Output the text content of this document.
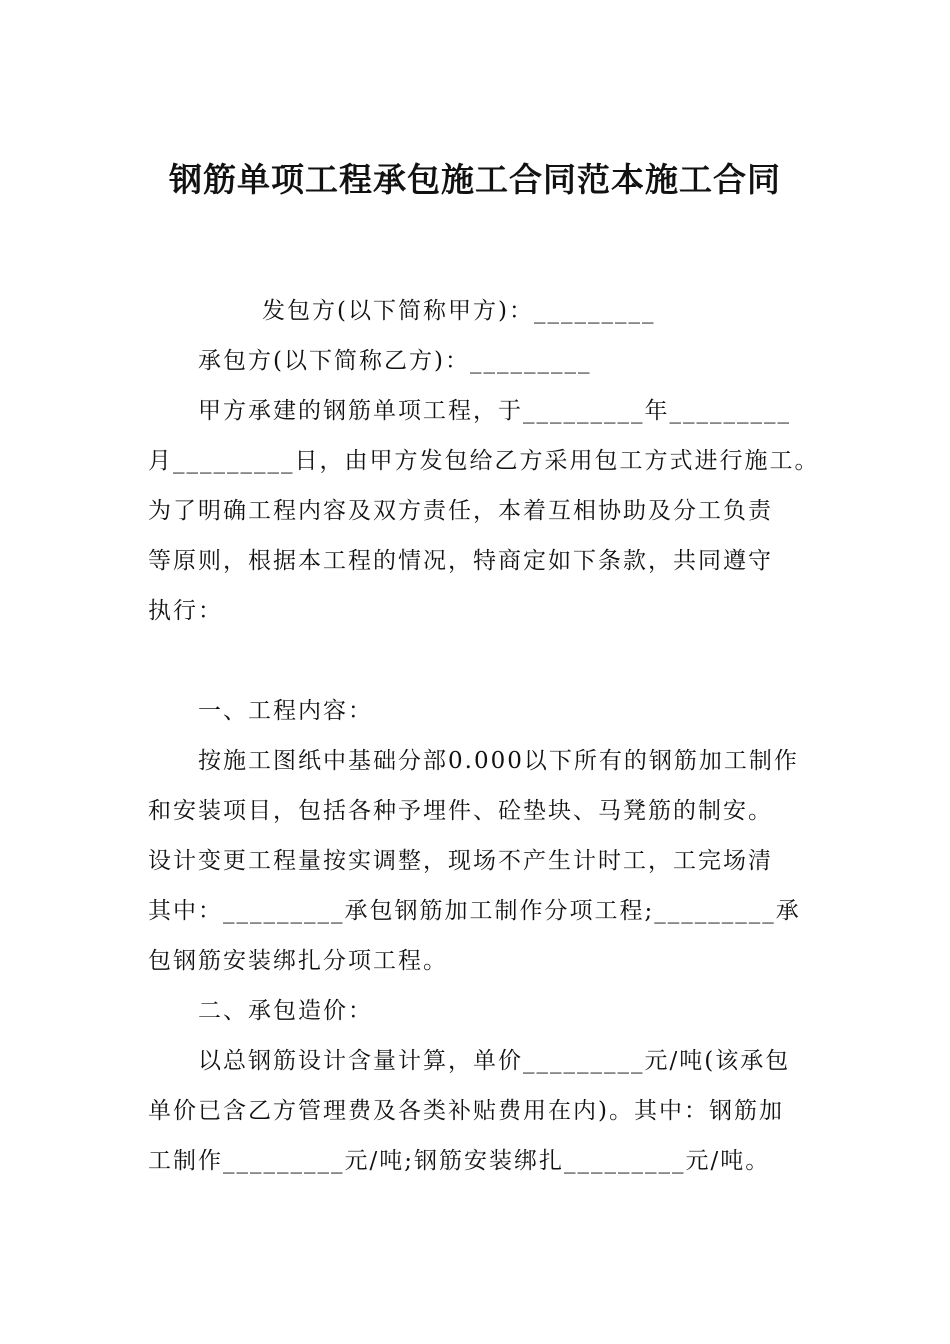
钢筋单项工程承包施工合同范本施工合同
发包方(以下简称甲方)：_________
承包方(以下简称乙方)：_________
甲方承建的钢筋单项工程，于_________年_________
月_________日，由甲方发包给乙方采用包工方式进行施工。
为了明确工程内容及双方责任，本着互相协助及分工负责
等原则，根据本工程的情况，特商定如下条款，共同遵守
执行：
一、工程内容：
按施工图纸中基础分部0.000以下所有的钢筋加工制作
和安装项目，包括各种予埋件、砼垫块、马凳筋的制安。
设计变更工程量按实调整，现场不产生计时工，工完场清
其中：_________承包钢筋加工制作分项工程;_________承
包钢筋安装绑扎分项工程。
二、承包造价：
以总钢筋设计含量计算，单价_________元/吨(该承包
单价已含乙方管理费及各类补贴费用在内)。其中：钢筋加
工制作_________元/吨;钢筋安装绑扎_________元/吨。
